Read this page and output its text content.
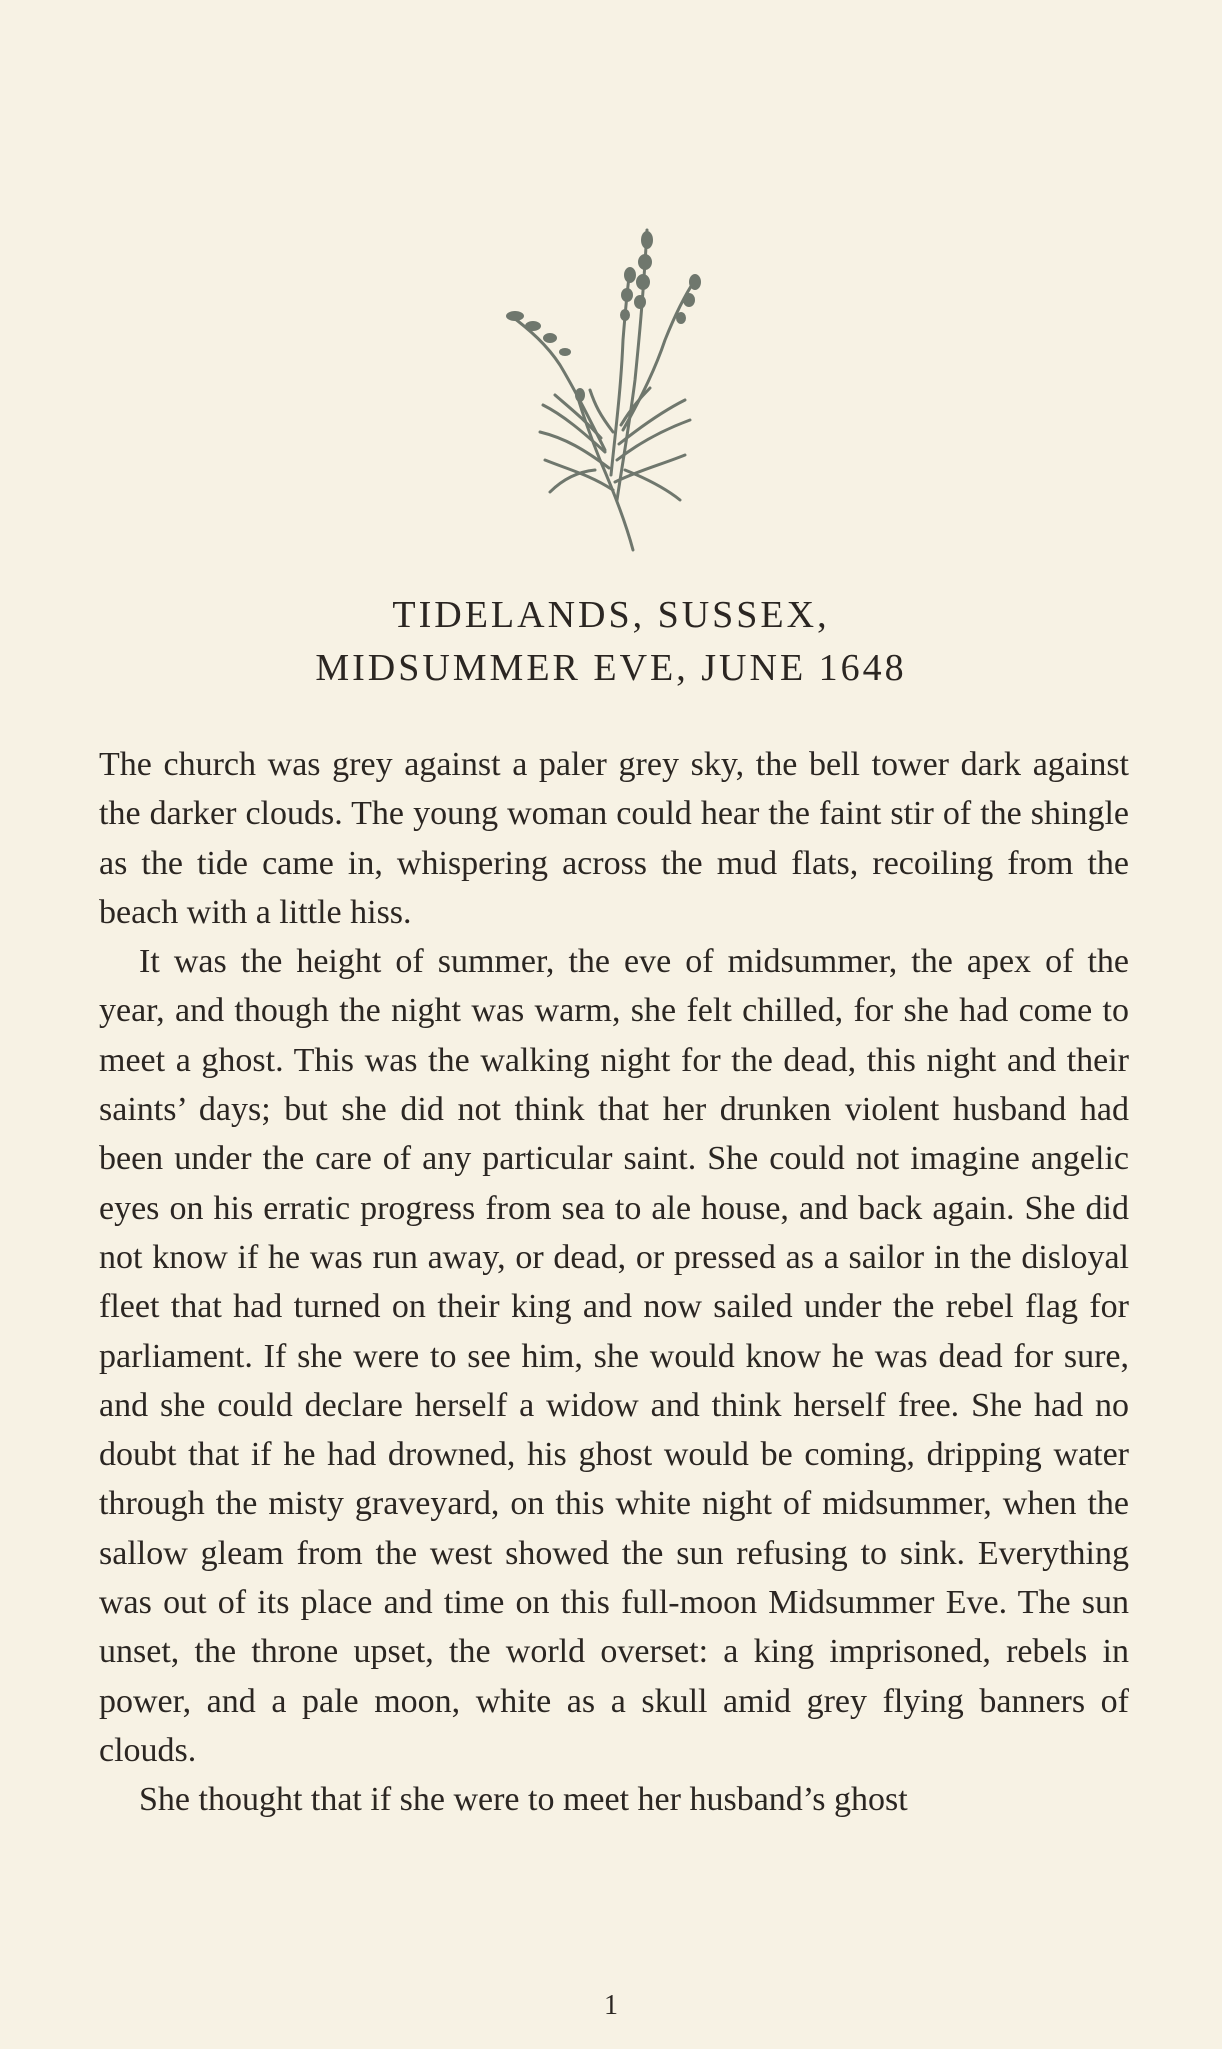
TIDELANDS, SUSSEX,
MIDSUMMER EVE, JUNE 1648

The church was grey against a paler grey sky, the bell tower dark against the darker clouds. The young woman could hear the faint stir of the shingle as the tide came in, whispering across the mud flats, recoiling from the beach with a little hiss.

It was the height of summer, the eve of midsummer, the apex of the year, and though the night was warm, she felt chilled, for she had come to meet a ghost. This was the walking night for the dead, this night and their saints’ days; but she did not think that her drunken violent husband had been under the care of any particular saint. She could not imagine angelic eyes on his erratic progress from sea to ale house, and back again. She did not know if he was run away, or dead, or pressed as a sailor in the disloyal fleet that had turned on their king and now sailed under the rebel flag for parliament. If she were to see him, she would know he was dead for sure, and she could declare herself a widow and think herself free. She had no doubt that if he had drowned, his ghost would be coming, dripping water through the misty graveyard, on this white night of midsummer, when the sallow gleam from the west showed the sun refusing to sink. Everything was out of its place and time on this full-moon Midsummer Eve. The sun unset, the throne upset, the world overset: a king imprisoned, rebels in power, and a pale moon, white as a skull amid grey flying banners of clouds.

She thought that if she were to meet her husband’s ghost

1
